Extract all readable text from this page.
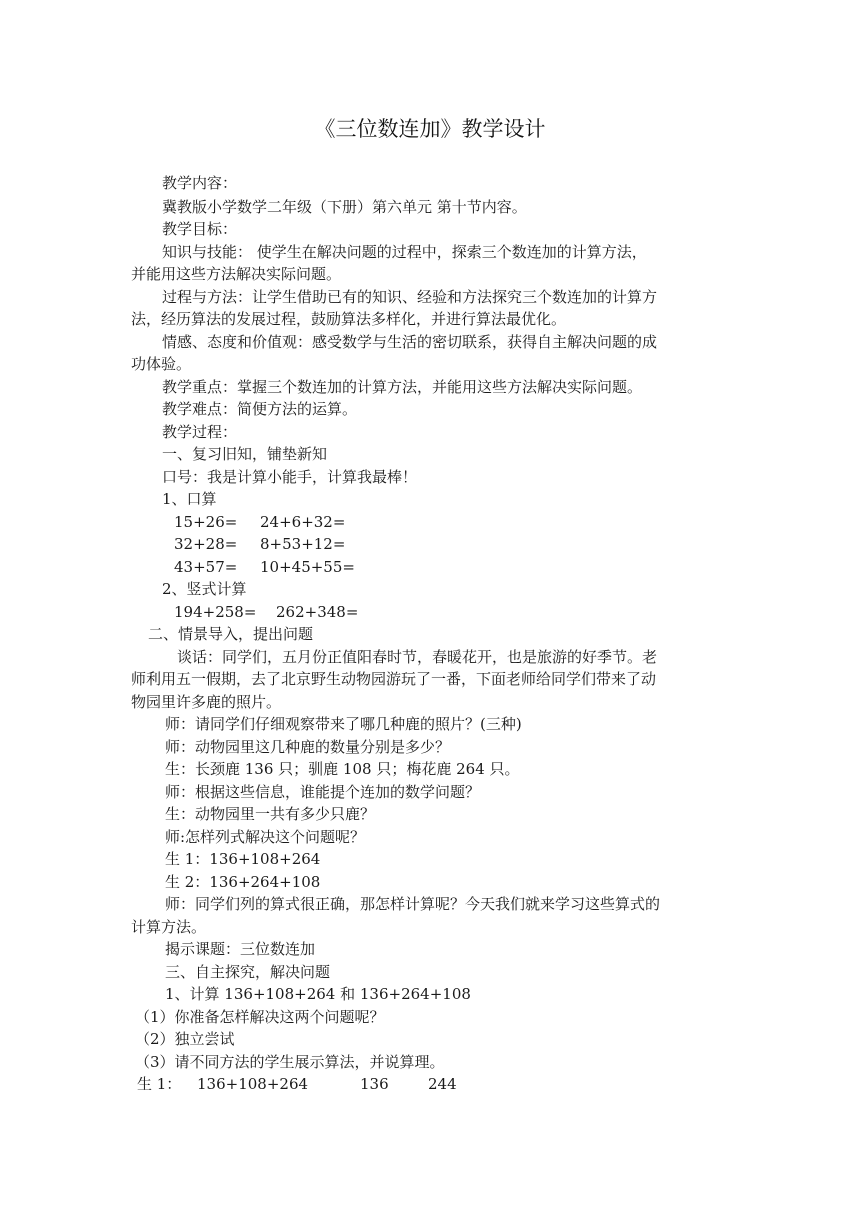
《三位数连加》教学设计
教学内容：
冀教版小学数学二年级（下册）第六单元 第十节内容。
教学目标：
知识与技能： 使学生在解决问题的过程中，探索三个数连加的计算方法，
并能用这些方法解决实际问题。
过程与方法：让学生借助已有的知识、经验和方法探究三个数连加的计算方
法，经历算法的发展过程，鼓励算法多样化，并进行算法最优化。
情感、态度和价值观：感受数学与生活的密切联系，获得自主解决问题的成
功体验。
教学重点：掌握三个数连加的计算方法，并能用这些方法解决实际问题。
教学难点：简便方法的运算。
教学过程：
一、复习旧知，铺垫新知
口号：我是计算小能手，计算我最棒！
1、口算
15+26= 24+6+32=
32+28= 8+53+12=
43+57= 10+45+55=
2、竖式计算
194+258= 262+348=
二、情景导入，提出问题
谈话：同学们，五月份正值阳春时节，春暖花开，也是旅游的好季节。老
师利用五一假期，去了北京野生动物园游玩了一番，下面老师给同学们带来了动
物园里许多鹿的照片。
师：请同学们仔细观察带来了哪几种鹿的照片？(三种)
师：动物园里这几种鹿的数量分别是多少？
生：长颈鹿 136 只；驯鹿 108 只；梅花鹿 264 只。
师：根据这些信息，谁能提个连加的数学问题？
生：动物园里一共有多少只鹿？
师:怎样列式解决这个问题呢？
生 1：136+108+264
生 2：136+264+108
师：同学们列的算式很正确，那怎样计算呢？今天我们就来学习这些算式的
计算方法。
揭示课题：三位数连加
三、自主探究，解决问题
1、计算 136+108+264 和 136+264+108
（1）你准备怎样解决这两个问题呢？
（2）独立尝试
（3）请不同方法的学生展示算法，并说算理。
生 1： 136+108+264	136	244
